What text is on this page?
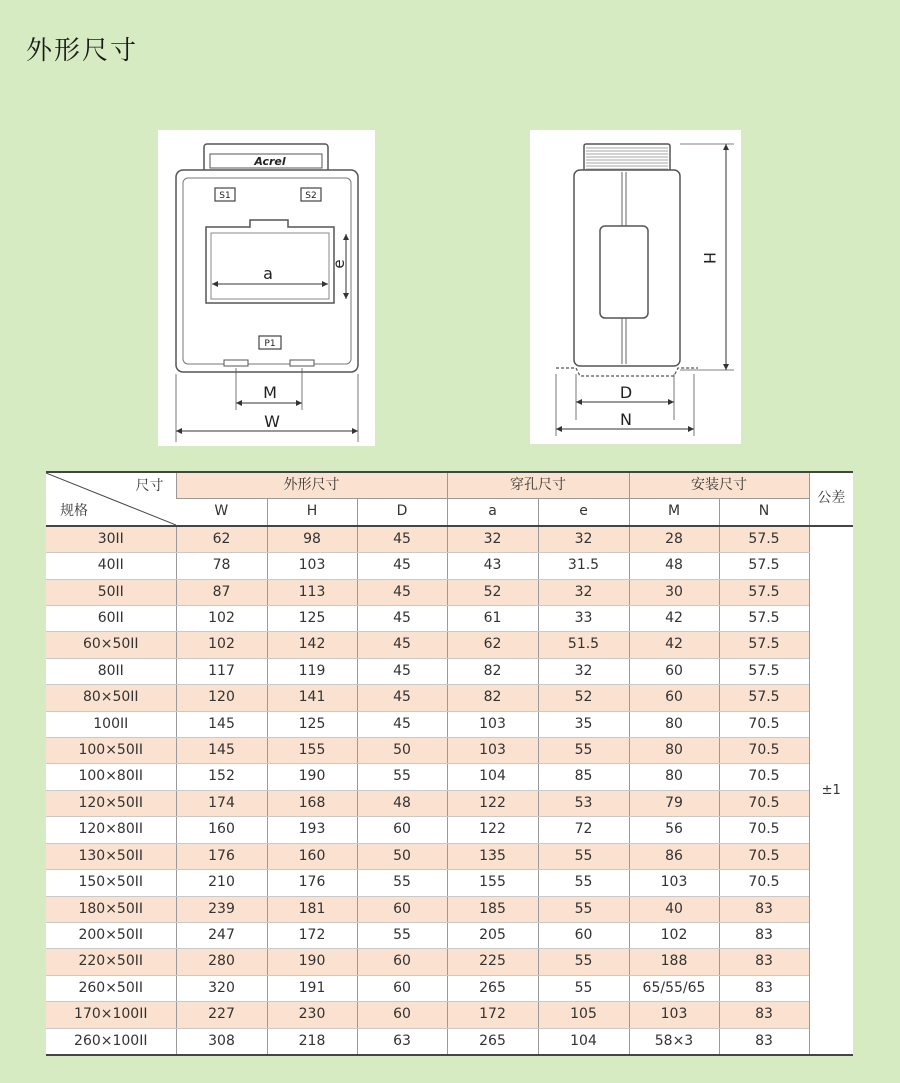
外形尺寸
Acrel
S1	S2
P1
a	e
M
W
H
D
N
尺寸
规格	外形尺寸			穿孔尺寸		安装尺寸		公差
	W	H	D	a	e	M	N	
30II	62	98	45	32	32	28	57.5	±1
40II	78	103	45	43	31.5	48	57.5	
50II	87	113	45	52	32	30	57.5	
60II	102	125	45	61	33	42	57.5	
60×50II	102	142	45	62	51.5	42	57.5	
80II	117	119	45	82	32	60	57.5	
80×50II	120	141	45	82	52	60	57.5	
100II	145	125	45	103	35	80	70.5	
100×50II	145	155	50	103	55	80	70.5	
100×80II	152	190	55	104	85	80	70.5	
120×50II	174	168	48	122	53	79	70.5	
120×80II	160	193	60	122	72	56	70.5	
130×50II	176	160	50	135	55	86	70.5	
150×50II	210	176	55	155	55	103	70.5	
180×50II	239	181	60	185	55	40	83	
200×50II	247	172	55	205	60	102	83	
220×50II	280	190	60	225	55	188	83	
260×50II	320	191	60	265	55	65/55/65	83	
170×100II	227	230	60	172	105	103	83	
260×100II	308	218	63	265	104	58×3	83	
